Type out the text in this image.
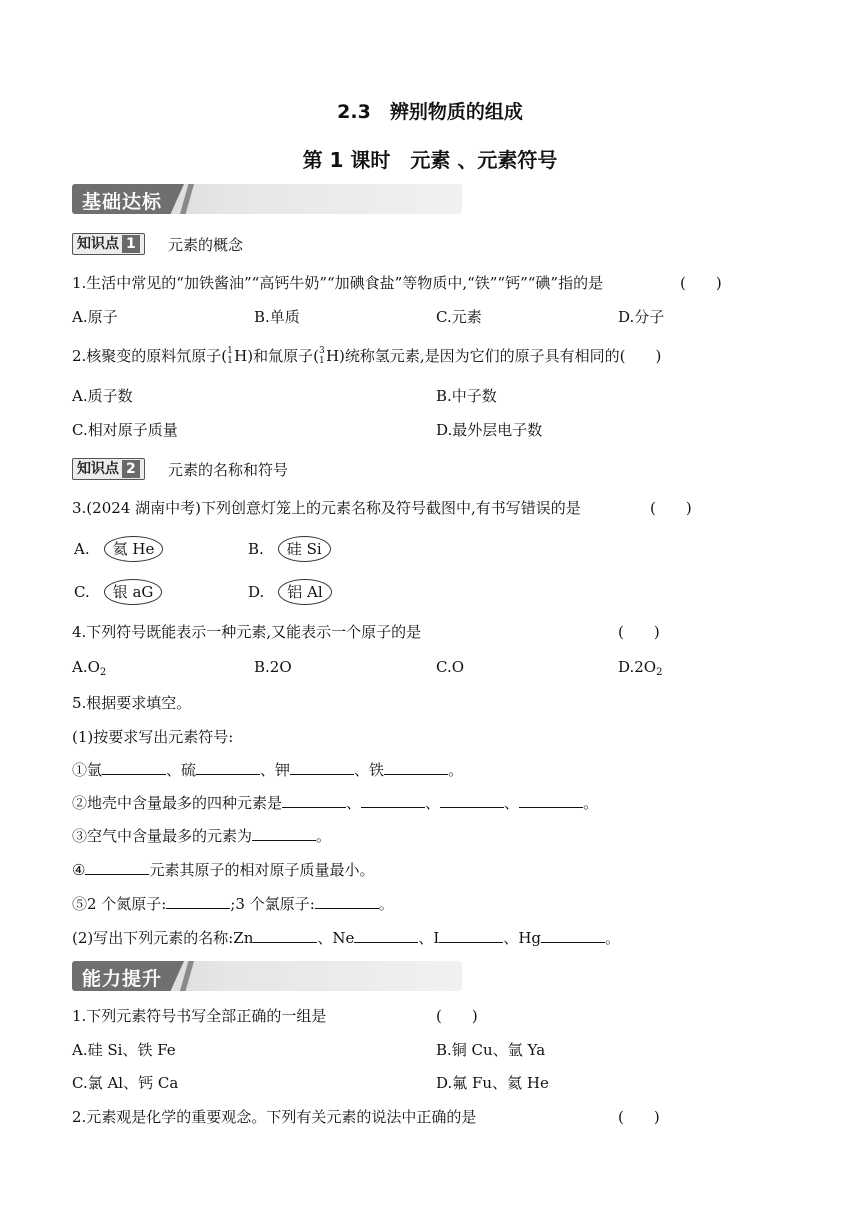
2.3　辨别物质的组成
第 1 课时　元素 、元素符号
基础达标
知识点 1	元素的概念
1.生活中常见的“加铁酱油”“高钙牛奶”“加碘食盐”等物质中,“铁”“钙”“碘”指的是	(　　)
A.原子	B.单质	C.元素	D.分子
2.核聚变的原料氘原子( 1
1 H)和氚原子( 3
1 H)统称氢元素,是因为它们的原子具有相同的(　　)
A.质子数	B.中子数
C.相对原子质量	D.最外层电子数
知识点 2	元素的名称和符号
3.(2024 湖南中考)下列创意灯笼上的元素名称及符号截图中,有书写错误的是	(　　)
A. 氦 He	B. 硅 Si
C. 银 aG	D. 铝 Al
4.下列符号既能表示一种元素,又能表示一个原子的是	(　　)
$A.O_2$	B.2O	C.O	$D.2O_2$
5.根据要求填空。
(1)按要求写出元素符号:
①氩	、硫	、钾	、铁	。
②地壳中含量最多的四种元素是	、	、	、	。
③空气中含量最多的元素为	。
④	元素其原子的相对原子质量最小。
⑤2 个氮原子:	;3 个氯原子:	。
(2)写出下列元素的名称:Zn	、Ne	、I	、Hg	。
能力提升
1.下列元素符号书写全部正确的一组是	(　　)
A.硅 Si、铁 Fe	B.铜 Cu、氩 Ya
C.氯 Al、钙 Ca	D.氟 Fu、氦 He
2.元素观是化学的重要观念。下列有关元素的说法中正确的是	(　　)
